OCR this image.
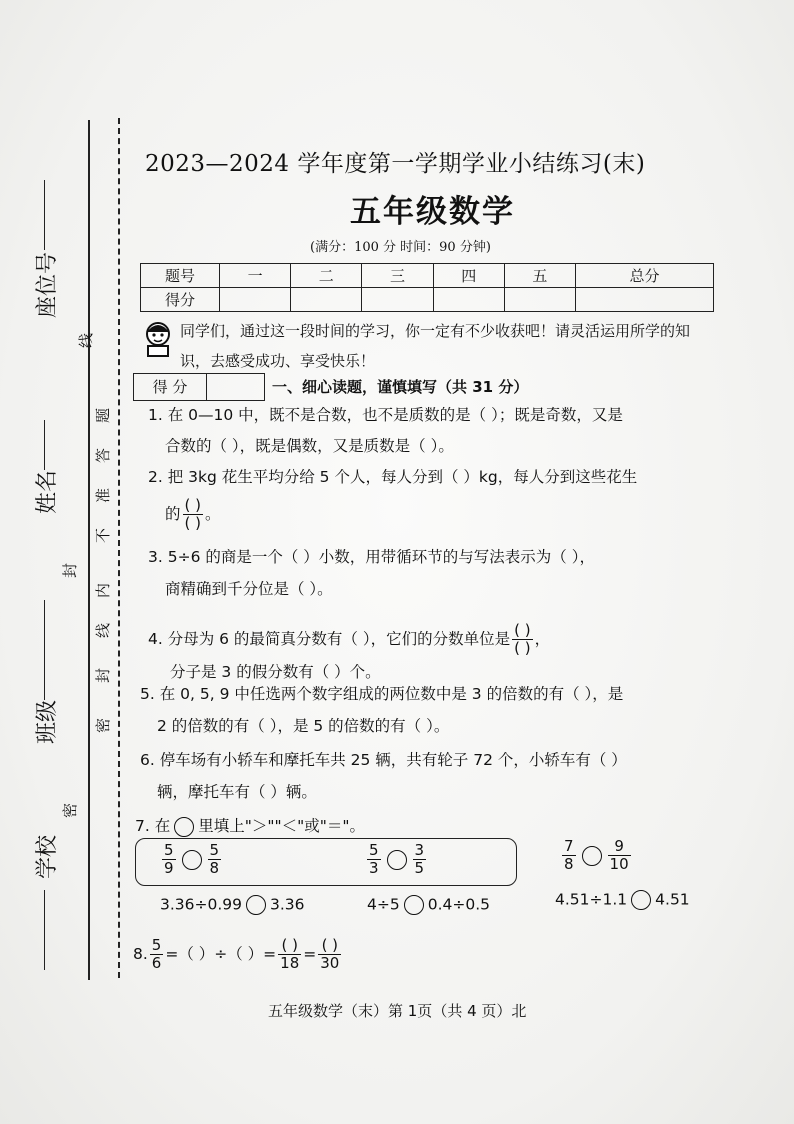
座位号
姓名
班级
学校
线
封
密
题
答
准
不
内
线
封
密
2023—2024 学年度第一学期学业小结练习(末)
五年级数学
(满分：100 分 时间：90 分钟)
题号	一	二	三	四	五	总分
得分						
同学们，通过这一段时间的学习，你一定有不少收获吧！请灵活运用所学的知识，去感受成功、享受快乐！
得 分	一、细心读题，谨慎填写（共 31 分）
1. 在 0—10 中，既不是合数，也不是质数的是（ ）；既是奇数，又是
合数的（ ），既是偶数，又是质数是（ ）。
2. 把 3kg 花生平均分给 5 个人，每人分到（ ）kg，每人分到这些花生
的 $\frac{( )}{( )}$ 。
3. 5÷6 的商是一个（ ）小数，用带循环节的与写法表示为（ ），
商精确到千分位是（ ）。
4. 分母为 6 的最简真分数有（ ），它们的分数单位是 $\frac{( )}{( )}$ ，
分子是 3 的假分数有（ ）个。
5. 在 0, 5, 9 中任选两个数字组成的两位数中是 3 的倍数的有（ ），是
2 的倍数的有（ ），是 5 的倍数的有（ ）。
6. 停车场有小轿车和摩托车共 25 辆，共有轮子 72 个，小轿车有（ ）
辆，摩托车有（ ）辆。
7. 在 里填上"＞""＜"或"＝"。
$\frac{5}{9} \frac{5}{8}$	$\frac{5}{3} \frac{3}{5}$	$\frac{7}{8} \frac{9}{10}$
3.36÷0.99 3.36	4÷5 0.4÷0.5	4.51÷1.1 4.51
8. $\frac{5}{6}$ =（ ）÷（ ）= $\frac{( )}{18} = \frac{( )}{30}$
五年级数学（末）第 1页（共 4 页）北
